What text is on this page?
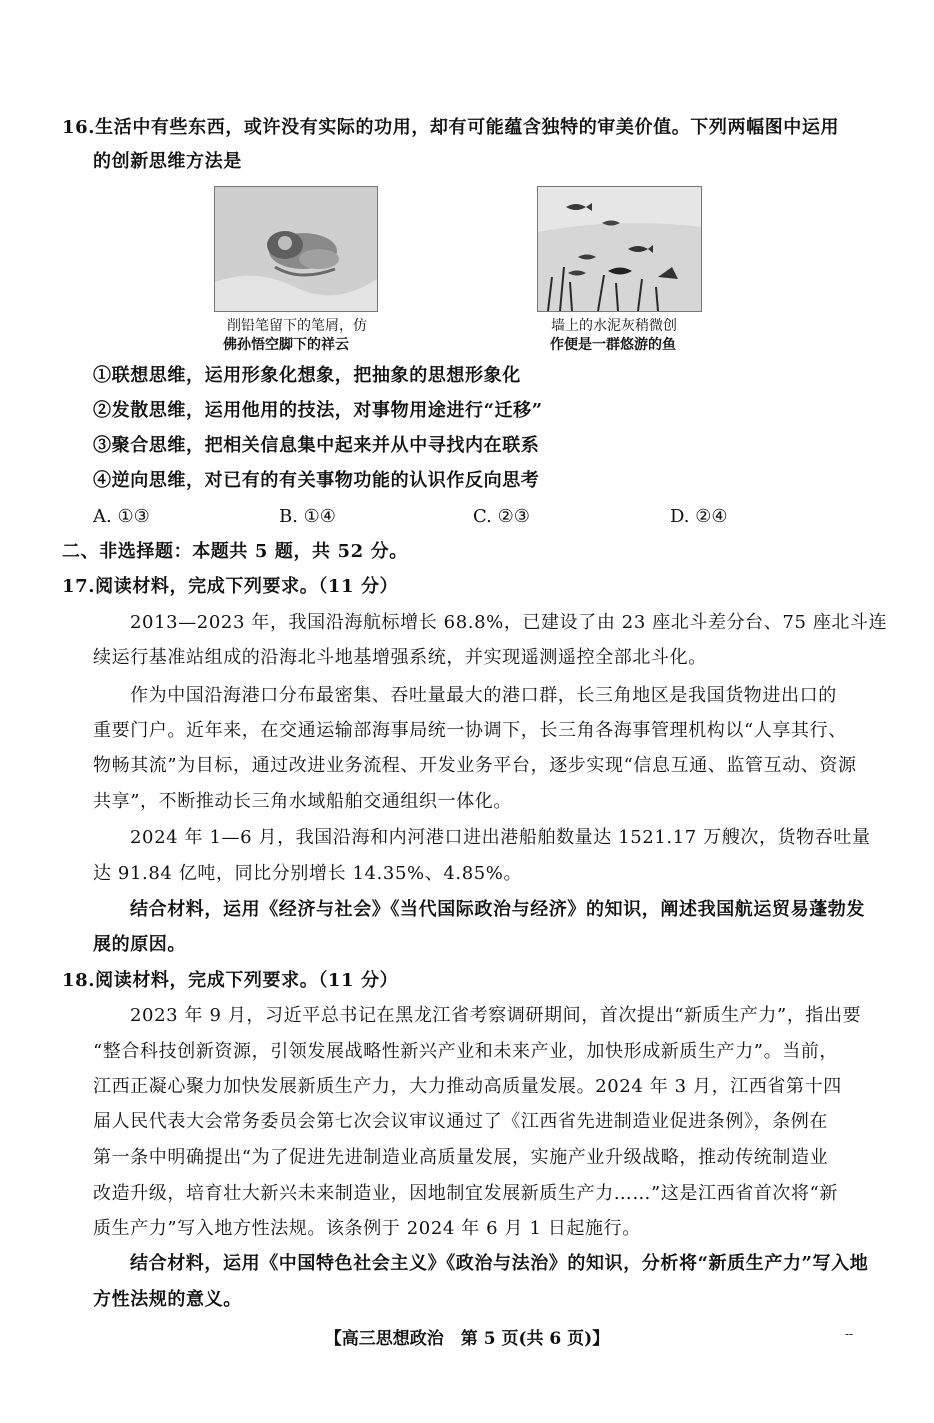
16.生活中有些东西，或许没有实际的功用，却有可能蕴含独特的审美价值。下列两幅图中运用
的创新思维方法是
削铅笔留下的笔屑，仿
佛孙悟空脚下的祥云
墙上的水泥灰稍微创
作便是一群悠游的鱼
①联想思维，运用形象化想象，把抽象的思想形象化
②发散思维，运用他用的技法，对事物用途进行“迁移”
③聚合思维，把相关信息集中起来并从中寻找内在联系
④逆向思维，对已有的有关事物功能的认识作反向思考
A. ①③	B. ①④	C. ②③	D. ②④
二、非选择题：本题共 5 题，共 52 分。
17.阅读材料，完成下列要求。（11 分）
2013—2023 年，我国沿海航标增长 68.8%，已建设了由 23 座北斗差分台、75 座北斗连
续运行基准站组成的沿海北斗地基增强系统，并实现遥测遥控全部北斗化。
作为中国沿海港口分布最密集、吞吐量最大的港口群，长三角地区是我国货物进出口的
重要门户。近年来，在交通运输部海事局统一协调下，长三角各海事管理机构以“人享其行、
物畅其流”为目标，通过改进业务流程、开发业务平台，逐步实现“信息互通、监管互动、资源
共享”，不断推动长三角水域船舶交通组织一体化。
2024 年 1—6 月，我国沿海和内河港口进出港船舶数量达 1521.17 万艘次，货物吞吐量
达 91.84 亿吨，同比分别增长 14.35%、4.85%。
结合材料，运用《经济与社会》《当代国际政治与经济》的知识，阐述我国航运贸易蓬勃发
展的原因。
18.阅读材料，完成下列要求。（11 分）
2023 年 9 月，习近平总书记在黑龙江省考察调研期间，首次提出“新质生产力”，指出要
“整合科技创新资源，引领发展战略性新兴产业和未来产业，加快形成新质生产力”。当前，
江西正凝心聚力加快发展新质生产力，大力推动高质量发展。2024 年 3 月，江西省第十四
届人民代表大会常务委员会第七次会议审议通过了《江西省先进制造业促进条例》，条例在
第一条中明确提出“为了促进先进制造业高质量发展，实施产业升级战略，推动传统制造业
改造升级，培育壮大新兴未来制造业，因地制宜发展新质生产力……”这是江西省首次将“新
质生产力”写入地方性法规。该条例于 2024 年 6 月 1 日起施行。
结合材料，运用《中国特色社会主义》《政治与法治》的知识，分析将“新质生产力”写入地
方性法规的意义。
【高三思想政治　第 5 页(共 6 页)】	--
